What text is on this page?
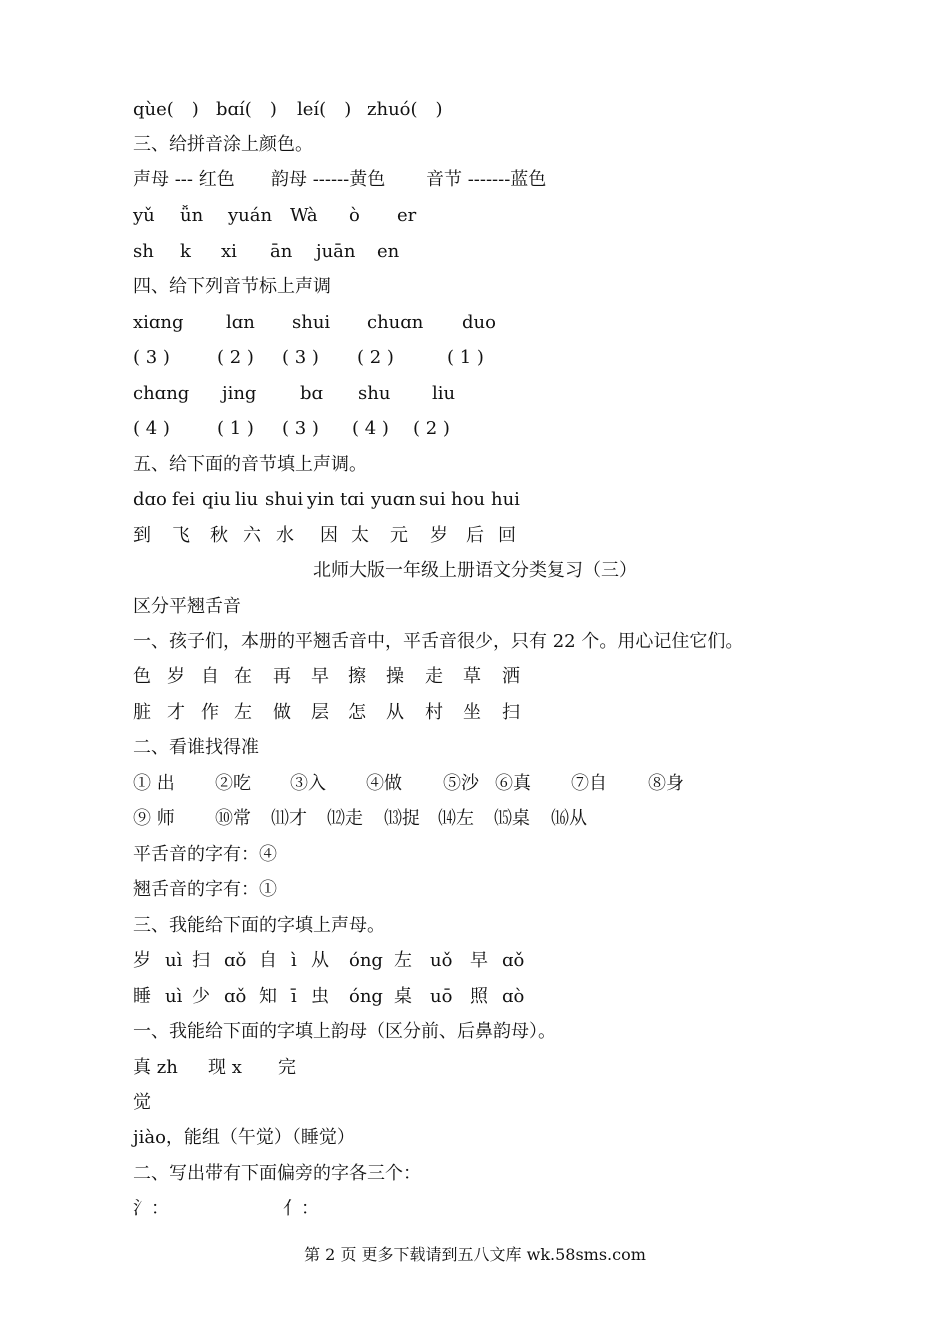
qùe(　) bɑí(　) leí(　) zhuó(　)
三、给拼音涂上颜色。
声母 --- 红色 韵母 ------黄色 音节 -------蓝色
yǔ ǚn yuán Wà ò er
sh k xi ān juān en
四、给下列音节标上声调
xiɑng lɑn shui chuɑn duo
( 3 )	( 2 ) ( 3 ) ( 2 )	( 1 )
chɑng jing bɑ shu liu
( 4 )	( 1 ) ( 3 ) ( 4 ) ( 2 )
五、给下面的音节填上声调。
dɑo fei qiu liu shui yin tɑi yuɑn sui hou hui
到 飞 秋 六 水 因 太 元 岁 后 回
北师大版一年级上册语文分类复习（三）
区分平翘舌音
一、孩子们，本册的平翘舌音中，平舌音很少，只有 22 个。用心记住它们。
色 岁 自 在 再 早 擦 操 走 草 洒
脏 才 作 左 做 层 怎 从 村 坐 扫
二、看谁找得准
① 出 ②吃 ③入 ④做 ⑤沙 ⑥真 ⑦自 ⑧身
⑨ 师 ⑩常 ⑾才 ⑿走 ⒀捉 ⒁左 ⒂桌 ⒃从
平舌音的字有：④
翘舌音的字有：①
三、我能给下面的字填上声母。
岁 uì 扫 ɑǒ 自 ì 从 óng 左 uǒ 早 ɑǒ
睡 uì 少 ɑǒ 知 ī 虫 óng 桌 uō 照 ɑò
一、我能给下面的字填上韵母（区分前、后鼻韵母）。
真 zh 现 x 完
觉
jiào，能组（午觉）（睡觉）
二、写出带有下面偏旁的字各三个：
氵：	亻：
第 2 页 更多下载请到五八文库 wk.58sms.com
